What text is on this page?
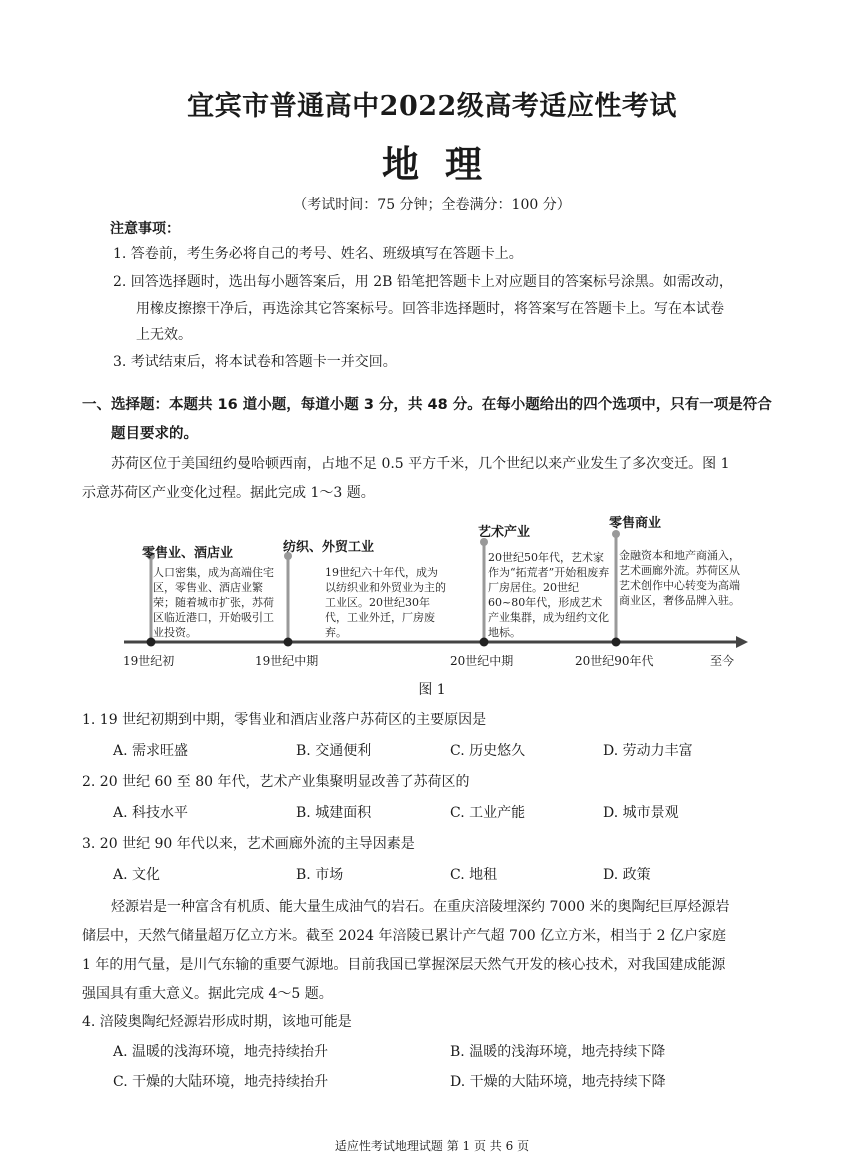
宜宾市普通高中2022级高考适应性考试
地理
（考试时间：75 分钟；全卷满分：100 分）
注意事项：
1. 答卷前，考生务必将自己的考号、姓名、班级填写在答题卡上。
2. 回答选择题时，选出每小题答案后，用 2B 铅笔把答题卡上对应题目的答案标号涂黑。如需改动，
用橡皮擦擦干净后，再选涂其它答案标号。回答非选择题时，将答案写在答题卡上。写在本试卷
上无效。
3. 考试结束后，将本试卷和答题卡一并交回。
一、选择题：本题共 16 道小题，每道小题 3 分，共 48 分。在每小题给出的四个选项中，只有一项是符合
题目要求的。
苏荷区位于美国纽约曼哈顿西南，占地不足 0.5 平方千米，几个世纪以来产业发生了多次变迁。图 1
示意苏荷区产业变化过程。据此完成 1～3 题。
零售业、酒店业
人口密集，成为高端住宅区，零售业、酒店业繁荣；随着城市扩张，苏荷区临近港口，开始吸引工业投资。
纺织、外贸工业
19世纪六十年代，成为以纺织业和外贸业为主的工业区。20世纪30年代，工业外迁，厂房废弃。
艺术产业
20世纪50年代，艺术家作为“拓荒者”开始租废弃厂房居住。20世纪60~80年代，形成艺术产业集群，成为纽约文化地标。
零售商业
金融资本和地产商涌入，艺术画廊外流。苏荷区从艺术创作中心转变为高端商业区，奢侈品牌入驻。
19世纪初	19世纪中期	20世纪中期	20世纪90年代	至今
图 1
1. 19 世纪初期到中期，零售业和酒店业落户苏荷区的主要原因是
A. 需求旺盛	B. 交通便利	C. 历史悠久	D. 劳动力丰富
2. 20 世纪 60 至 80 年代，艺术产业集聚明显改善了苏荷区的
A. 科技水平	B. 城建面积	C. 工业产能	D. 城市景观
3. 20 世纪 90 年代以来，艺术画廊外流的主导因素是
A. 文化	B. 市场	C. 地租	D. 政策
烃源岩是一种富含有机质、能大量生成油气的岩石。在重庆涪陵埋深约 7000 米的奥陶纪巨厚烃源岩
储层中，天然气储量超万亿立方米。截至 2024 年涪陵已累计产气超 700 亿立方米，相当于 2 亿户家庭
1 年的用气量，是川气东输的重要气源地。目前我国已掌握深层天然气开发的核心技术，对我国建成能源
强国具有重大意义。据此完成 4～5 题。
4. 涪陵奥陶纪烃源岩形成时期，该地可能是
A. 温暖的浅海环境，地壳持续抬升	B. 温暖的浅海环境，地壳持续下降
C. 干燥的大陆环境，地壳持续抬升	D. 干燥的大陆环境，地壳持续下降
适应性考试地理试题 第 1 页 共 6 页
